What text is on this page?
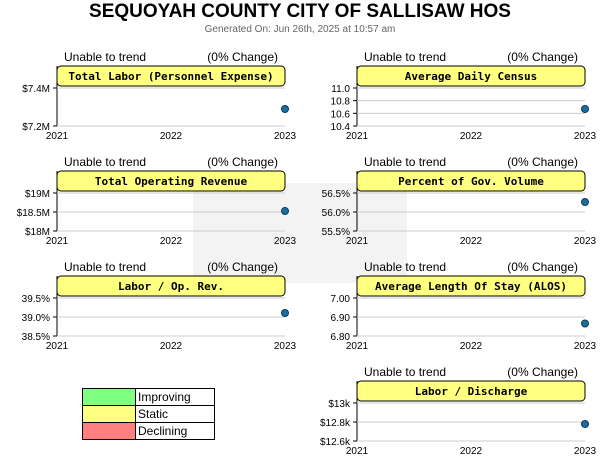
SEQUOYAH COUNTY CITY OF SALLISAW HOS
Generated On: Jun 26th, 2025 at 10:57 am
$7.4M
$7.2M
Total Labor (Personnel Expense)
Unable to trend	(0% Change)
2021	2022	2023
11.0
10.8
10.6
10.4
Average Daily Census
Unable to trend	(0% Change)
2021	2022	2023
$19M
$18.5M
$18M
Total Operating Revenue
Unable to trend	(0% Change)
2021	2022	2023
56.5%
56.0%
55.5%
Percent of Gov. Volume
Unable to trend	(0% Change)
2021	2022	2023
39.5%
39.0%
38.5%
Labor / Op. Rev.
Unable to trend	(0% Change)
2021	2022	2023
7.00
6.90
6.80
Average Length Of Stay (ALOS)
Unable to trend	(0% Change)
2021	2022	2023
$13k
$12.8k
$12.6k
Labor / Discharge
Unable to trend	(0% Change)
2021	2022	2023
	Improving
	Static
	Declining
